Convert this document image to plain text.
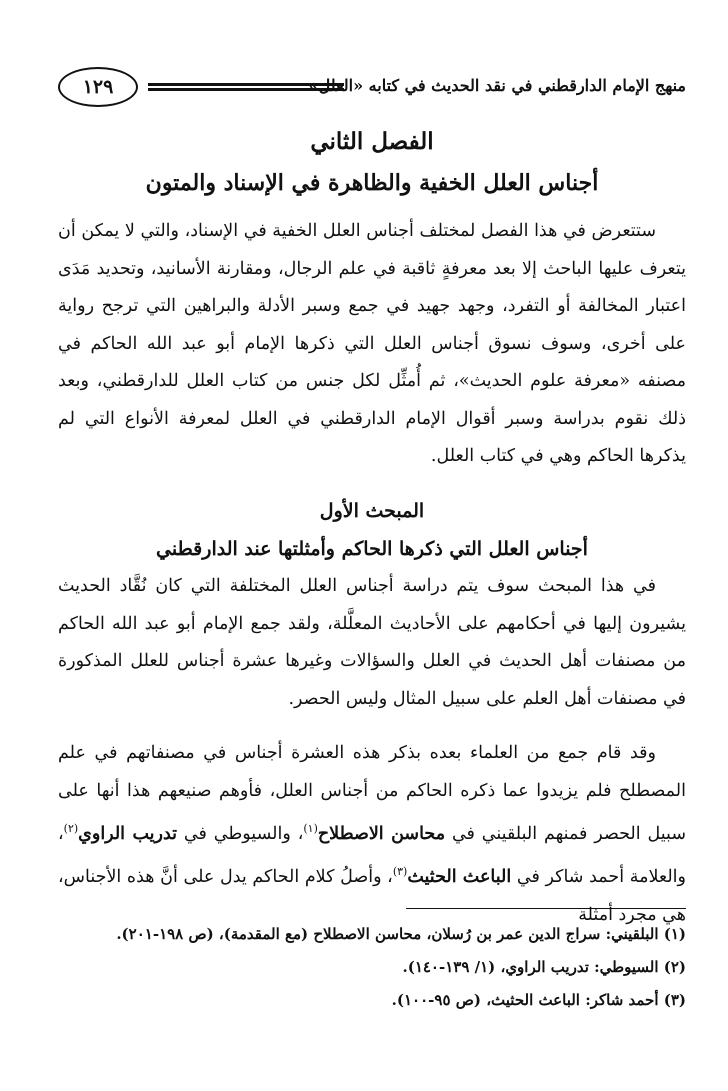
منهج الإمام الدارقطني في نقد الحديث في كتابه «العلل»
١٢٩
الفصل الثاني
أجناس العلل الخفية والظاهرة في الإسناد والمتون
ستتعرض في هذا الفصل لمختلف أجناس العلل الخفية في الإسناد، والتي لا يمكن أن يتعرف عليها الباحث إلا بعد معرفةٍ ثاقبة في علم الرجال، ومقارنة الأسانيد، وتحديد مَدَى اعتبار المخالفة أو التفرد، وجهد جهيد في جمع وسبر الأدلة والبراهين التي ترجح رواية على أخرى، وسوف نسوق أجناس العلل التي ذكرها الإمام أبو عبد الله الحاكم في مصنفه «معرفة علوم الحديث»، ثم أُمثِّل لكل جنس من كتاب العلل للدارقطني، وبعد ذلك نقوم بدراسة وسبر أقوال الإمام الدارقطني في العلل لمعرفة الأنواع التي لم يذكرها الحاكم وهي في كتاب العلل.
المبحث الأول
أجناس العلل التي ذكرها الحاكم وأمثلتها عند الدارقطني
في هذا المبحث سوف يتم دراسة أجناس العلل المختلفة التي كان نُقَّاد الحديث يشيرون إليها في أحكامهم على الأحاديث المعلَّلة، ولقد جمع الإمام أبو عبد الله الحاكم من مصنفات أهل الحديث في العلل والسؤالات وغيرها عشرة أجناس للعلل المذكورة في مصنفات أهل العلم على سبيل المثال وليس الحصر.
وقد قام جمع من العلماء بعده بذكر هذه العشرة أجناس في مصنفاتهم في علم المصطلح فلم يزيدوا عما ذكره الحاكم من أجناس العلل، فأوهم صنيعهم هذا أنها على سبيل الحصر فمنهم البلقيني في محاسن الاصطلاح$^{(١)}$، والسيوطي في تدريب الراوي$^{(٢)}$، والعلامة أحمد شاكر في الباعث الحثيث$^{(٣)}$، وأصلُ كلام الحاكم يدل على أنَّ هذه الأجناس، هي مجرد أمثلة
(١) البلقيني: سراج الدين عمر بن رُسلان، محاسن الاصطلاح (مع المقدمة)، (ص ١٩٨-٢٠١).
(٢) السيوطي: تدريب الراوي، (١/ ١٣٩-١٤٠).
(٣) أحمد شاكر: الباعث الحثيث، (ص ٩٥-١٠٠).
